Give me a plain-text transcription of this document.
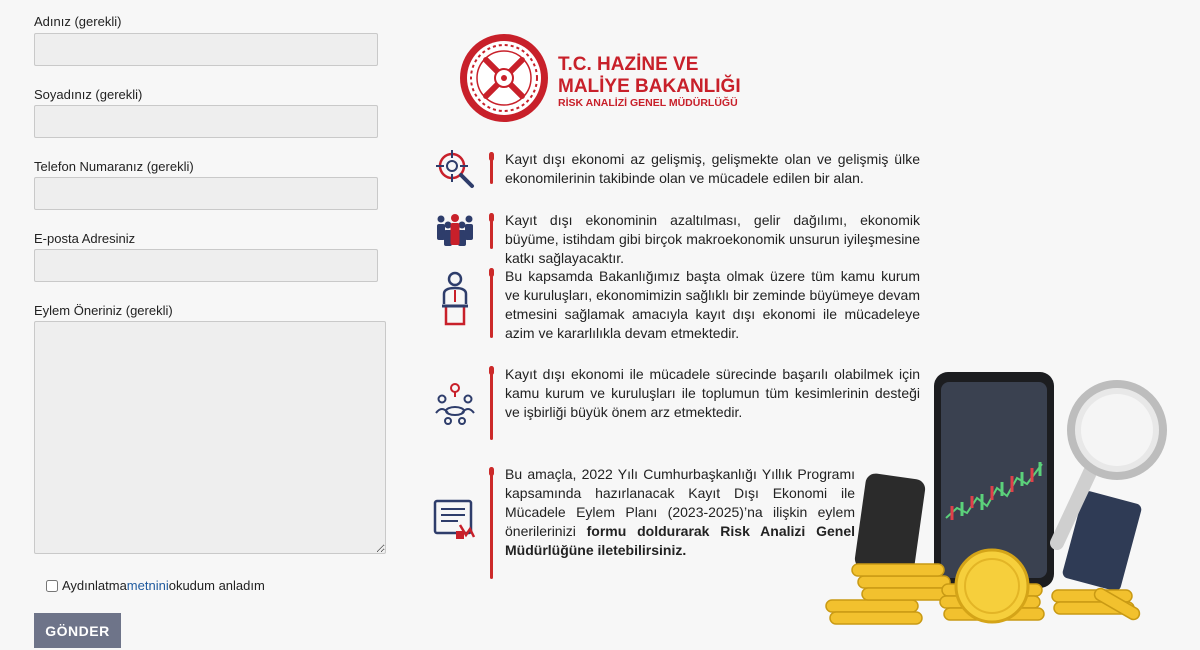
Adınız (gerekli)
Soyadınız (gerekli)
Telefon Numaranız (gerekli)
E-posta Adresiniz
Eylem Öneriniz (gerekli)
Aydınlatma metnini okudum anladım
GÖNDER
T.C. HAZİNE VE
MALİYE BAKANLIĞI
RİSK ANALİZİ GENEL MÜDÜRLÜĞÜ
Kayıt dışı ekonomi az gelişmiş, gelişmekte olan ve gelişmiş ülke ekonomilerinin takibinde olan ve mücadele edilen bir alan.
Kayıt dışı ekonominin azaltılması, gelir dağılımı, ekonomik büyüme, istihdam gibi birçok makroekonomik unsurun iyileşmesine katkı sağlayacaktır.
Bu kapsamda Bakanlığımız başta olmak üzere tüm kamu kurum ve kuruluşları, ekonomimizin sağlıklı bir zeminde büyümeye devam etmesini sağlamak amacıyla kayıt dışı ekonomi ile mücadeleye azim ve kararlılıkla devam etmektedir.
Kayıt dışı ekonomi ile mücadele sürecinde başarılı olabilmek için kamu kurum ve kuruluşları ile toplumun tüm kesimlerinin desteği ve işbirliği büyük önem arz etmektedir.
Bu amaçla, 2022 Yılı Cumhurbaşkanlığı Yıllık Programı kapsamında hazırlanacak Kayıt Dışı Ekonomi ile Mücadele Eylem Planı (2023-2025)’na ilişkin eylem önerilerinizi formu doldurarak Risk Analizi Genel Müdürlüğüne iletebilirsiniz.
